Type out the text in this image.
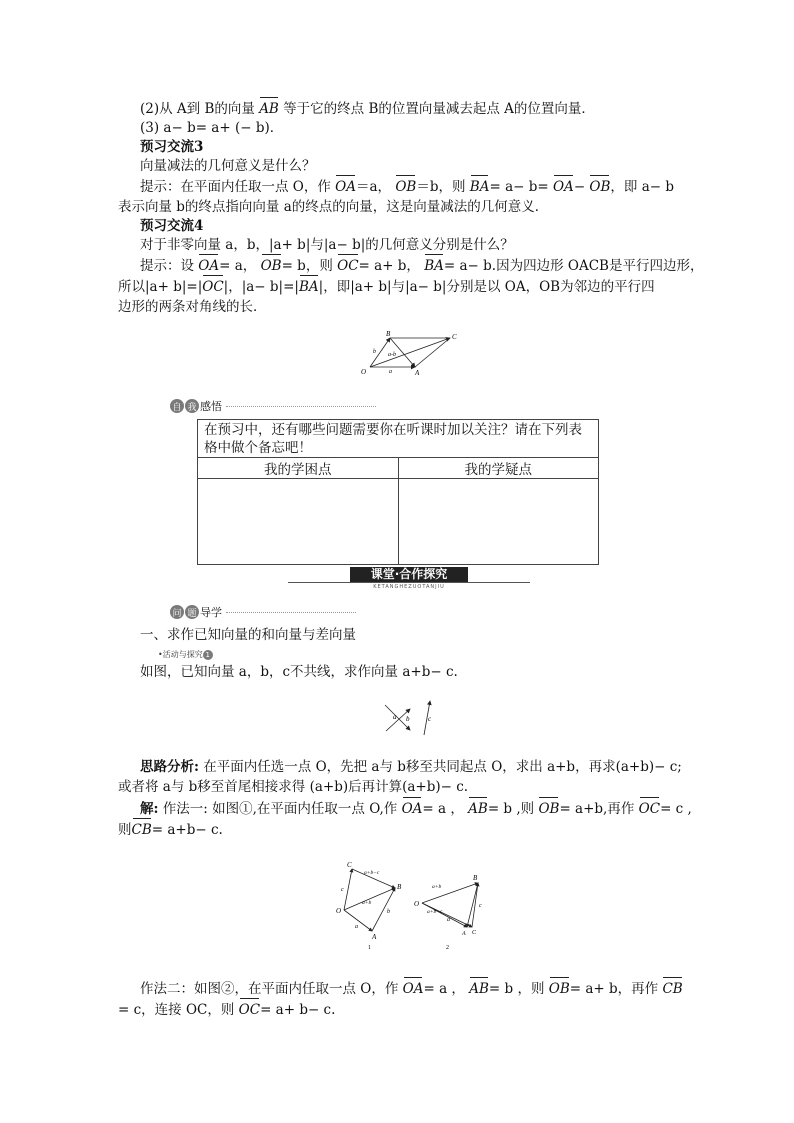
(2)从 A到 B的向量 AB 等于它的终点 B的位置向量减去起点 A的位置向量．
(3) a− b= a+ (− b)．
预习交流3
向量减法的几何意义是什么？
提示：在平面内任取一点 O，作 OA＝a， OB＝b，则 BA= a− b= OA− OB，即 a− b
表示向量 b的终点指向向量 a的终点的向量，这是向量减法的几何意义．
预习交流4
对于非零向量 a，b，|a+ b|与|a− b|的几何意义分别是什么？
提示：设 OA= a， OB= b，则 OC= a+ b， BA= a− b.因为四边形 OACB是平行四边形，
所以|a+ b|=|OC|，|a− b|=|BA|，即|a+ b|与|a− b|分别是以 OA，OB为邻边的平行四
边形的两条对角线的长．
O	A
B	C
a
b a-b
自 我 感悟
在预习中，还有哪些问题需要你在听课时加以关注？请在下列表
格中做个备忘吧！	

我的学困点	我的学疑点

课堂·合作探究
KETANGHEZUOTANJIU
问 题 导学
一、求作已知向量的和向量与差向量
•活动与探究 1
如图，已知向量 a，b，c不共线，求作向量 a+b− c.
a b	c
思路分析: 在平面内任选一点 O，先把 a与 b移至共同起点 O，求出 a+b，再求(a+b)− c;
或者将 a与 b移至首尾相接求得 (a+b)后再计算(a+b)− c.
解: 作法一: 如图①,在平面内任取一点 O,作 OA= a ， AB= b ,则 OB= a+b,再作 OC= c ,
则CB= a+b− c.
C
O
B
A
a+b−c
a+b
c
b
a
1
B
O
A C
a+b
a+b−c
c
a
2
作法二：如图②，在平面内任取一点 O，作 OA= a ， AB= b ，则 OB= a+ b，再作 CB
= c，连接 OC，则 OC= a+ b− c.
